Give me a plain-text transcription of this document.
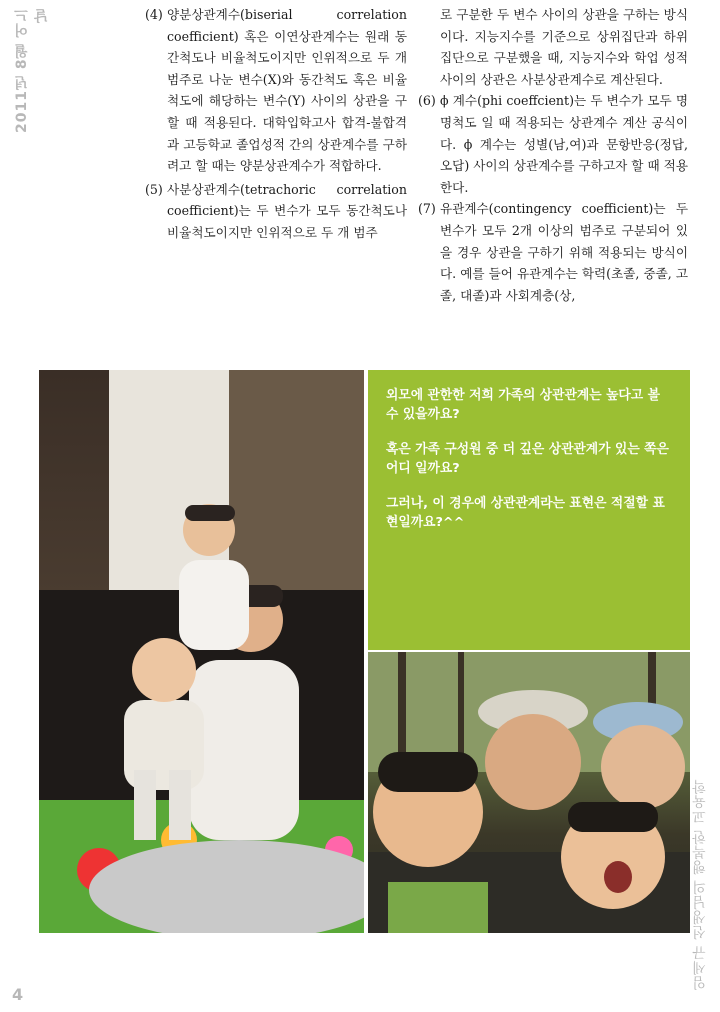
2011년 8월 어느날	(4) 양분상관계수(biserial correlation coefficient) 혹은 이연상관계수는 원래 동간척도나 비율척도이지만 인위적으로 두 개 범주로 나눈 변수(X)와 동간척도 혹은 비율척도에 해당하는 변수(Y) 사이의 상관을 구할 때 적용된다. 대학입학고사 합격-불합격과 고등학교 졸업성적 간의 상관계수를 구하려고 할 때는 양분상관계수가 적합하다.
(5) 사분상관계수(tetrachoric correlation coefficient)는 두 변수가 모두 동간척도나 비율척도이지만 인위적으로 두 개 범주
로 구분한 두 변수 사이의 상관을 구하는 방식이다. 지능지수를 기준으로 상위집단과 하위집단으로 구분했을 때, 지능지수와 학업 성적 사이의 상관은 사분상관계수로 계산된다.
(6) ϕ 계수(phi coeffcient)는 두 변수가 모두 명명척도 일 때 적용되는 상관계수 계산 공식이다. ϕ 계수는 성별(남,여)과 문항반응(정답, 오답) 사이의 상관계수를 구하고자 할 때 적용한다.
(7) 유관계수(contingency coefficient)는 두 변수가 모두 2개 이상의 범주로 구분되어 있을 경우 상관을 구하기 위해 적용되는 방식이다. 예를 들어 유관계수는 학력(초졸, 중졸, 고졸, 대졸)과 사회계층(상,

외모에 관한한 저희 가족의 상관관계는 높다고 볼수 있을까요?

혹은 가족 구성원 중 더 깊은 상관관계가 있는 쪽은 어디 일까요?

그러나, 이 경우에 상관관계라는 표현은 적절할 표현일까요?^^

4
임세규 선생님의 행복한 교육학
